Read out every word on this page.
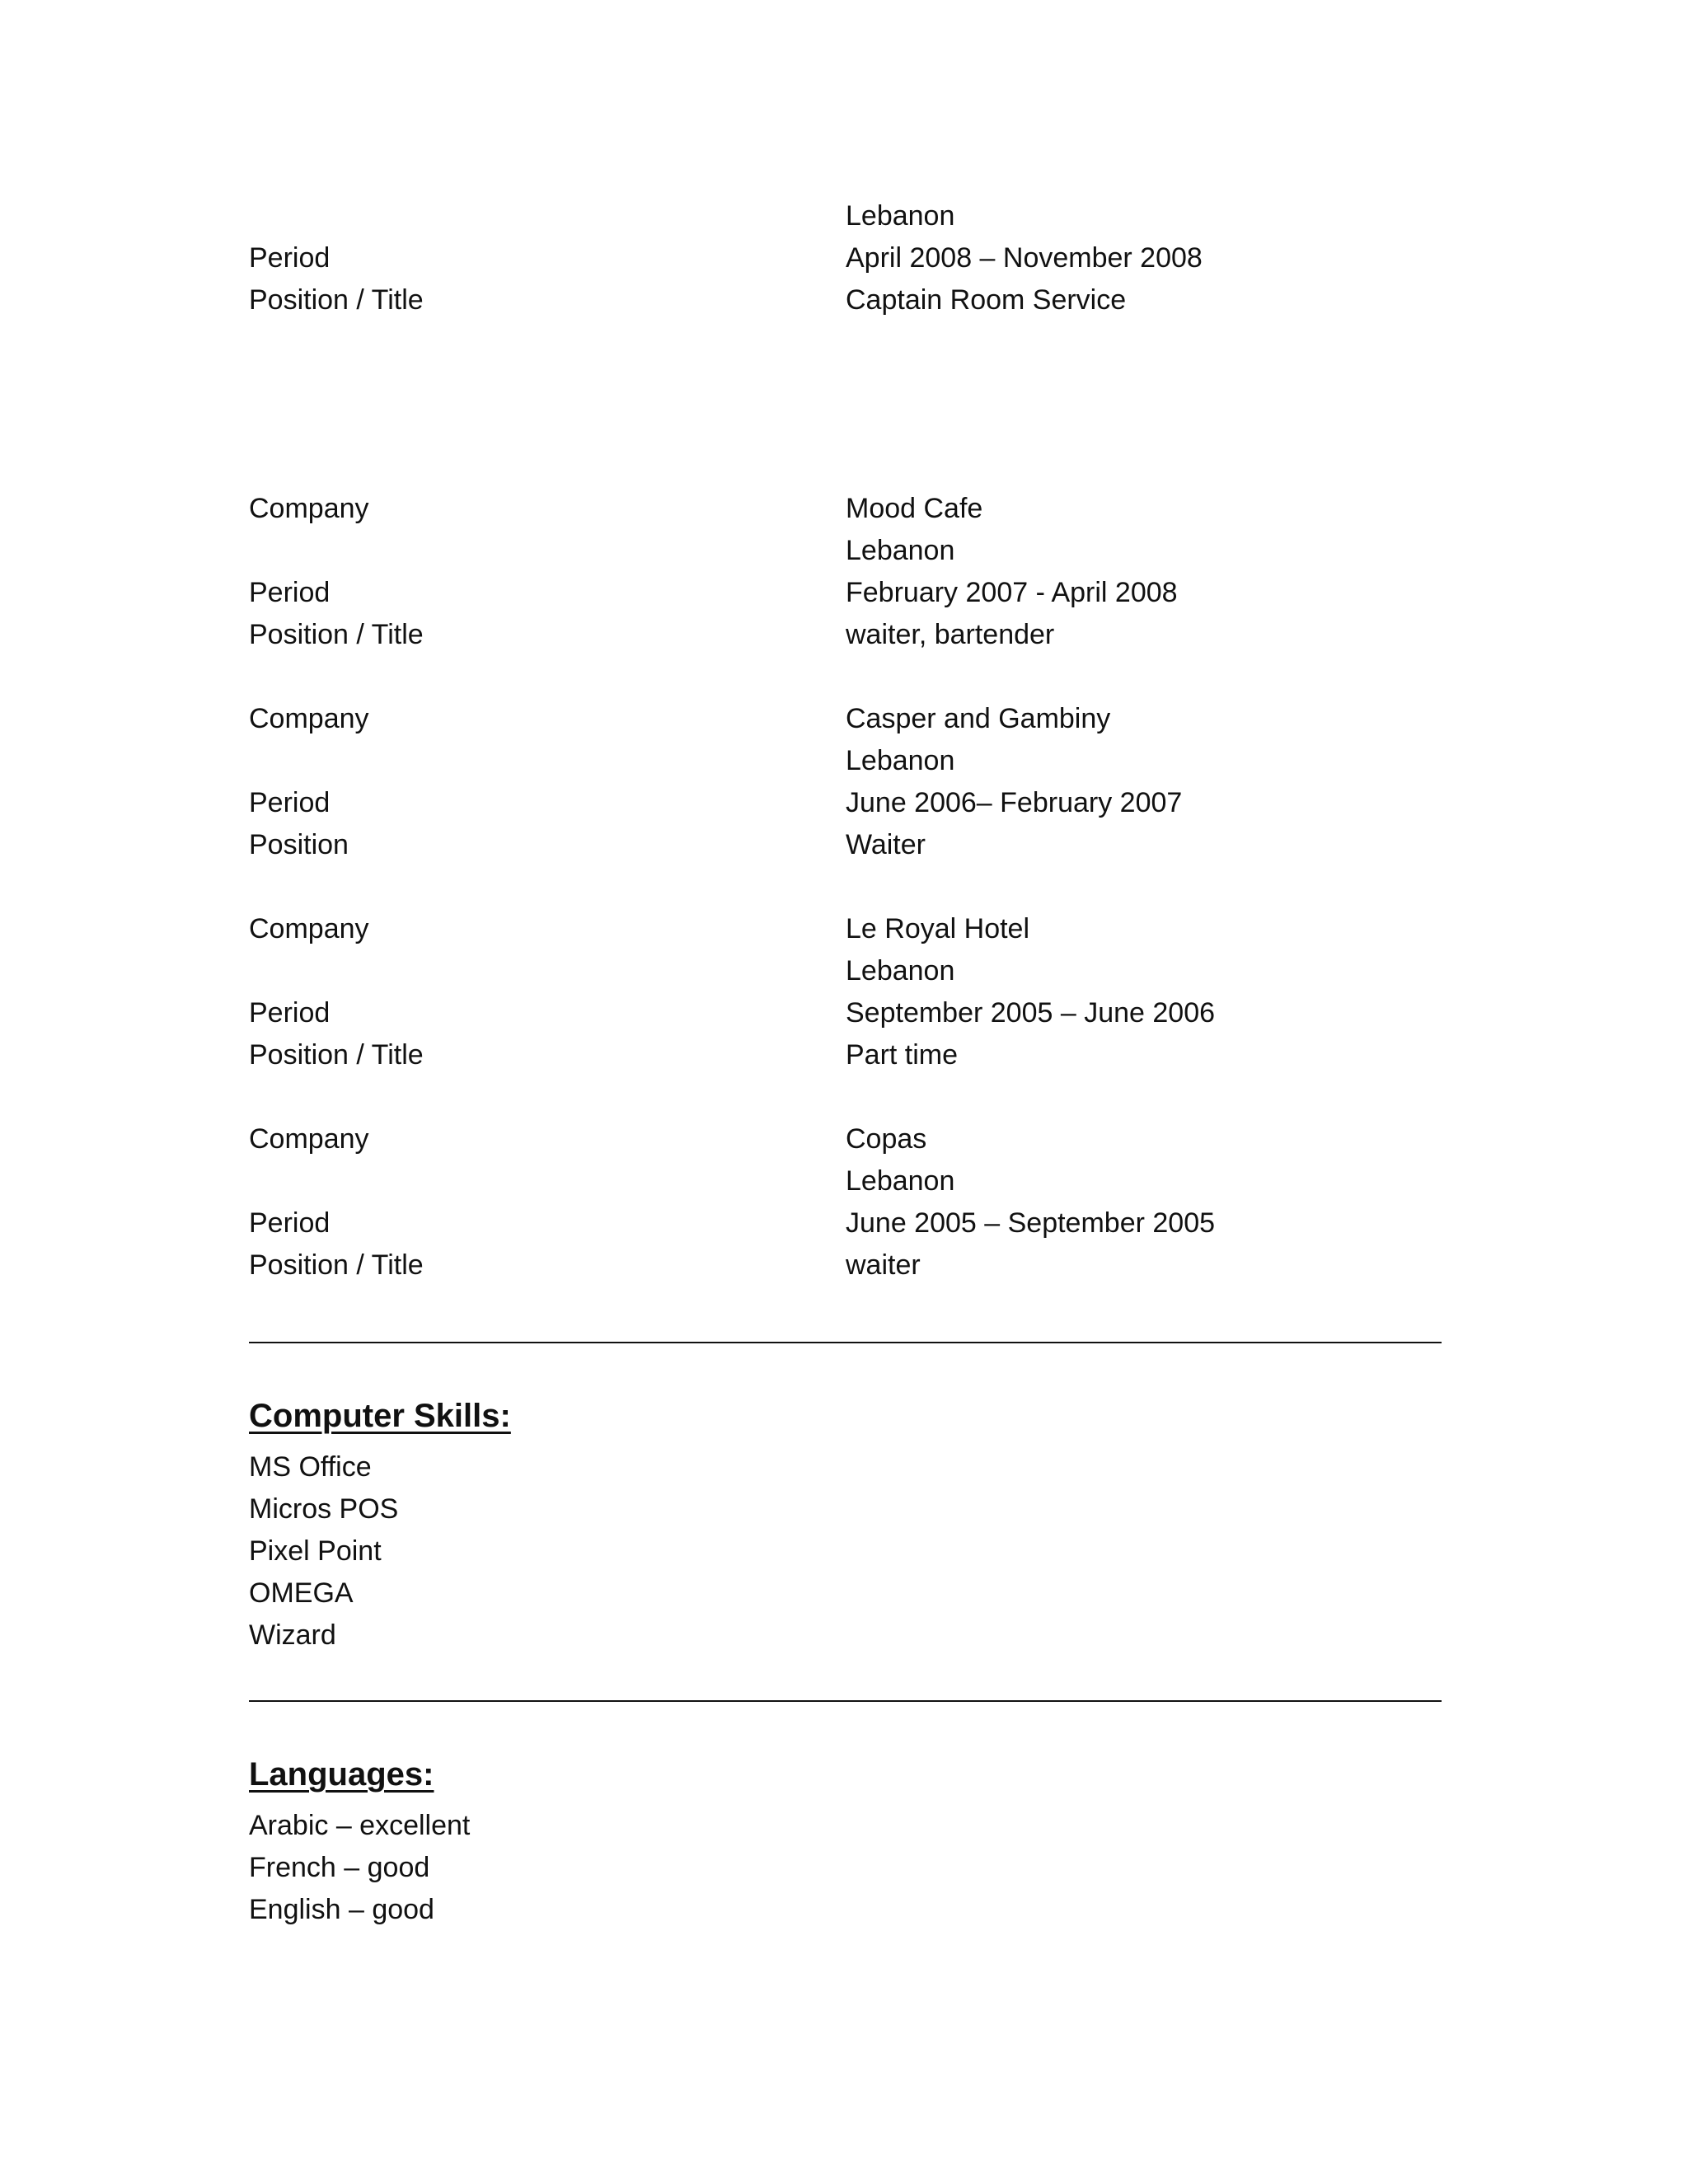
Lebanon
Period	April 2008 – November 2008
Position / Title	Captain Room Service
Company	Mood Cafe
Lebanon
Period	February 2007 - April 2008
Position / Title	waiter, bartender
Company	Casper and Gambiny
Lebanon
Period	June 2006– February 2007
Position	Waiter
Company	Le Royal Hotel
Lebanon
Period	September 2005 – June 2006
Position / Title	Part time
Company	Copas
Lebanon
Period	June 2005 – September 2005
Position / Title	waiter
Computer Skills:
MS Office
Micros POS
Pixel Point
OMEGA
Wizard
Languages:
Arabic – excellent
French – good
English – good
